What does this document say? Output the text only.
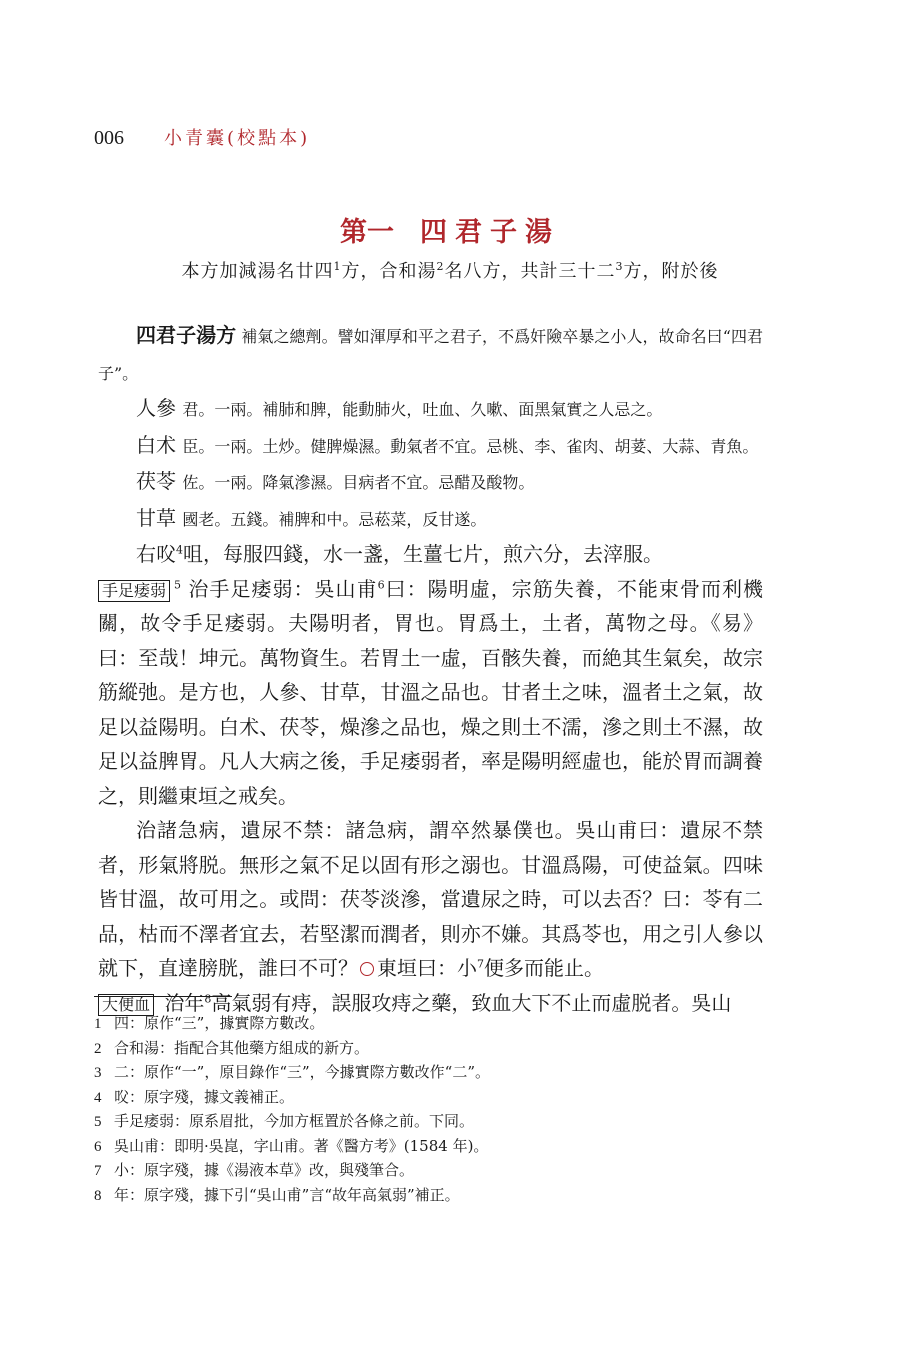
006 小青囊(校點本)
第一 四君子湯
本方加減湯名廿四$^1$方，合和湯$^2$名八方，共計三十二$^3$方，附於後

四君子湯方 補氣之總劑。譬如渾厚和平之君子，不爲奸險卒暴之小人，故命名曰“四君子”。

人參 君。一兩。補肺和脾，能動肺火，吐血、久嗽、面黑氣實之人忌之。

白术 臣。一兩。土炒。健脾燥濕。動氣者不宜。忌桃、李、雀肉、胡荽、大蒜、青魚。

茯苓 佐。一兩。降氣滲濕。目病者不宜。忌醋及酸物。

甘草 國老。五錢。補脾和中。忌菘菜，反甘遂。

右㕮$^4$咀，每服四錢，水一盞，生薑七片，煎六分，去滓服。

手足痿弱 $^5$ 治手足痿弱：吳山甫$^6$曰：陽明虛，宗筋失養，不能束骨而利機關，故令手足痿弱。夫陽明者，胃也。胃爲土，土者，萬物之母。《易》曰：至哉！坤元。萬物資生。若胃土一虛，百骸失養，而絶其生氣矣，故宗筋縱弛。是方也，人參、甘草，甘溫之品也。甘者土之味，溫者土之氣，故足以益陽明。白术、茯苓，燥滲之品也，燥之則土不濡，滲之則土不濕，故足以益脾胃。凡人大病之後，手足痿弱者，率是陽明經虛也，能於胃而調養之，則繼東垣之戒矣。

治諸急病，遺尿不禁：諸急病，謂卒然暴僕也。吳山甫曰：遺尿不禁者，形氣將脱。無形之氣不足以固有形之溺也。甘溫爲陽，可使益氣。四味皆甘溫，故可用之。或問：茯苓淡滲，當遺尿之時，可以去否？曰：苓有二品，枯而不澤者宜去，若堅潔而潤者，則亦不嫌。其爲苓也，用之引人參以就下，直達膀胱，誰曰不可？ ○ 東垣曰：小$^7$便多而能止。

大便血 治年$^8$高氣弱有痔，誤服攻痔之藥，致血大下不止而虛脱者。吳山

1 四：原作“三”，據實際方數改。

2 合和湯：指配合其他藥方組成的新方。

3 二：原作“一”，原目錄作“三”，今據實際方數改作“二”。

4 㕮：原字殘，據文義補正。

5 手足痿弱：原系眉批，今加方框置於各條之前。下同。

6 吳山甫：即明·吳崑，字山甫。著《醫方考》(1584 年)。

7 小：原字殘，據《湯液本草》改，與殘筆合。

8 年：原字殘，據下引“吳山甫”言“故年高氣弱”補正。
